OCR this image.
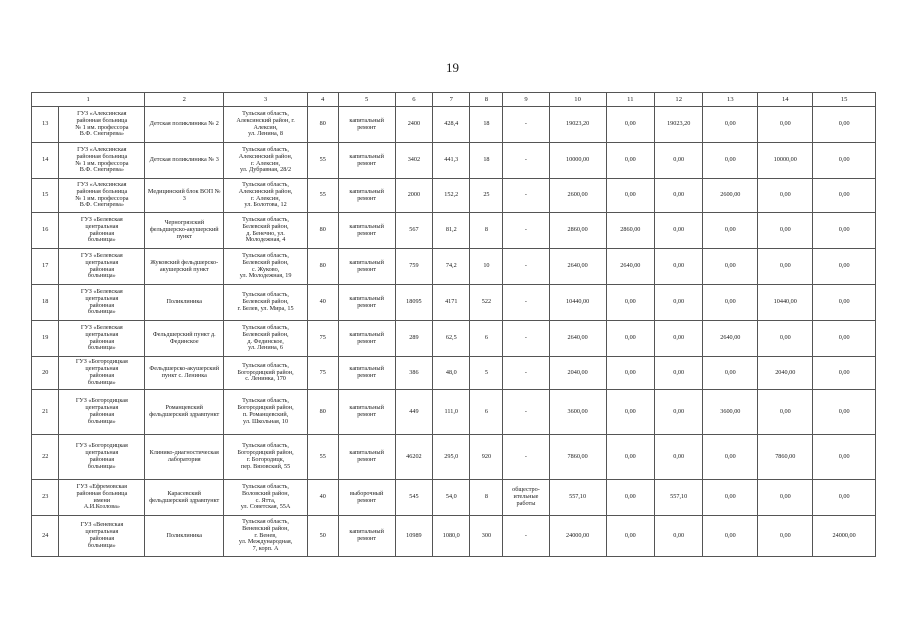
19
1		2	3	4	5	6	7	8	9	10	11	12	13	14	15
13	ГУЗ «Алексинская
районная больница
№ 1 им. профессора
В.Ф. Снегирева»	Детская поликлиника № 2	Тульская область,
Алексинский район, г.
Алексин,
ул. Ленина, 8	80	капитальный
ремонт	2400	428,4	18	-	19023,20	0,00	19023,20	0,00	0,00	0,00
14	ГУЗ «Алексинская
районная больница
№ 1 им. профессора
В.Ф. Снегирева»	Детская поликлиника № 3	Тульская область,
Алексинский район,
г. Алексин,
ул. Дубравная, 28/2	55	капитальный
ремонт	3402	441,3	18	-	10000,00	0,00	0,00	0,00	10000,00	0,00
15	ГУЗ «Алексинская
районная больница
№ 1 им. профессора
В.Ф. Снегирева»	Медицинский блок ВОП №
3	Тульская область,
Алексинский район,
г. Алексин,
ул. Болотова, 12	55	капитальный
ремонт	2000	152,2	25	-	2600,00	0,00	0,00	2600,00	0,00	0,00
16	ГУЗ «Белевская
центральная
районная
больница»	Черногрязский
фельдшерско-акушерский
пункт	Тульская область,
Белевский район,
д. Бенечно, ул.
Молодежная, 4	80	капитальный
ремонт	567	81,2	8	-	2860,00	2860,00	0,00	0,00	0,00	0,00
17	ГУЗ «Белевская
центральная
районная
больница»	Жуковский фельдшерско-
акушерский пункт	Тульская область,
Белевский район,
с. Жуково,
ул. Молодежная, 19	80	капитальный
ремонт	759	74,2	10	-	2640,00	2640,00	0,00	0,00	0,00	0,00
18	ГУЗ «Белевская
центральная
районная
больница»	Поликлиника	Тульская область,
Белевский район,
г. Белев, ул. Мира, 15	40	капитальный
ремонт	18095	4171	522	-	10440,00	0,00	0,00	0,00	10440,00	0,00
19	ГУЗ «Белевская
центральная
районная
больница»	Фельдшерский пункт д.
Фединское	Тульская область,
Белевский район,
д. Фединское,
ул. Ленина, 6	75	капитальный
ремонт	289	62,5	6	-	2640,00	0,00	0,00	2640,00	0,00	0,00
20	ГУЗ «Богородицкая
центральная
районная
больница»	Фельдшерско-акушерский
пункт с. Ленинка	Тульская область,
Богородицкий район,
с. Ленинка, 170	75	капитальный
ремонт	386	48,0	5	-	2040,00	0,00	0,00	0,00	2040,00	0,00
21	ГУЗ «Богородицкая
центральная
районная
больница»	Романцевский
фельдшерский здравпункт	Тульская область,
Богородицкий район,
п. Романцевский,
ул. Школьная, 10	80	капитальный
ремонт	449	111,0	6	-	3600,00	0,00	0,00	3600,00	0,00	0,00
22	ГУЗ «Богородицкая
центральная
районная
больница»	Клинико-диагностическая
лаборатория	Тульская область,
Богородицкий район,
г. Богородицк,
пер. Вязовский, 55	55	капитальный
ремонт	46202	295,0	920	-	7860,00	0,00	0,00	0,00	7860,00	0,00
23	ГУЗ «Ефремовская
районная больница
имени
А.И.Козлова»	Карасевский
фельдшерский здравпункт	Тульская область,
Воловский район,
с. Ятта,
ул. Советская, 55А	40	выборочный
ремонт	545	54,0	8	общестро-
ительные
работы	557,10	0,00	557,10	0,00	0,00	0,00
24	ГУЗ «Веневская
центральная
районная
больница»	Поликлиника	Тульская область,
Веневский район,
г. Венев,
ул. Международная,
7, корп. А	50	капитальный
ремонт	10989	1080,0	300	-	24000,00	0,00	0,00	0,00	0,00	24000,00
